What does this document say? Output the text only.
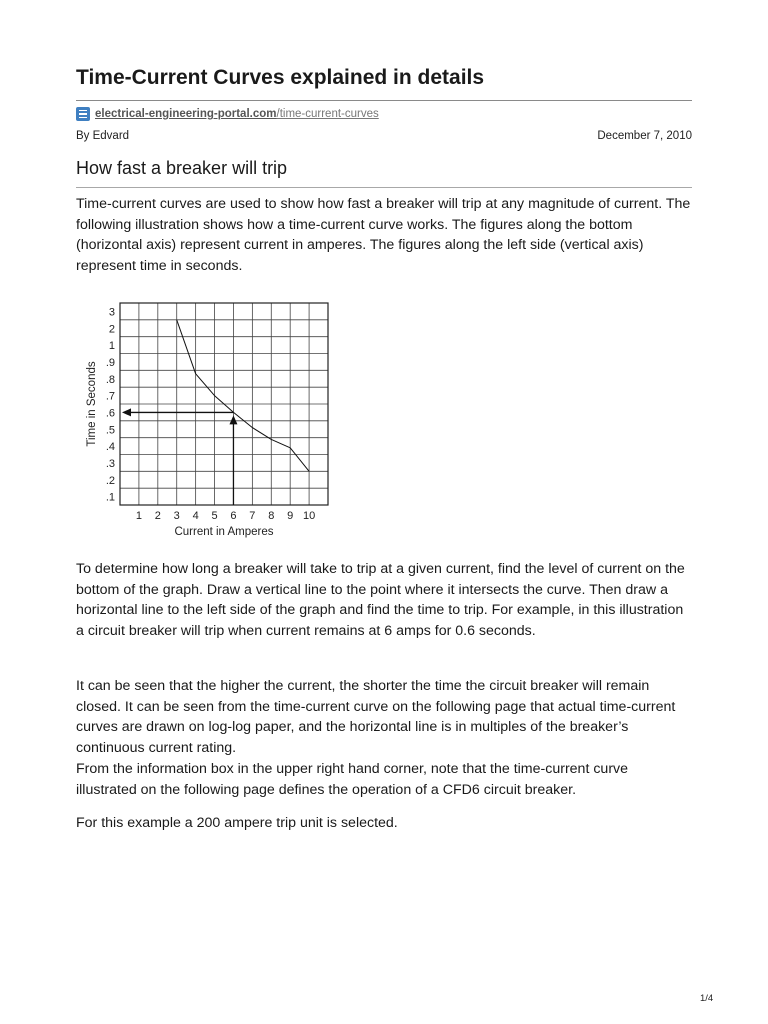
Time-Current Curves explained in details
electrical-engineering-portal.com /time-current-curves
By Edvard	December 7, 2010
How fast a breaker will trip

Time-current curves are used to show how fast a breaker will trip at any magnitude of current. The following illustration shows how a time-current curve works. The figures along the bottom (horizontal axis) represent current in amperes. The figures along the left side (vertical axis) represent time in seconds.

To determine how long a breaker will take to trip at a given current, find the level of current on the bottom of the graph. Draw a vertical line to the point where it intersects the curve. Then draw a horizontal line to the left side of the graph and find the time to trip. For example, in this illustration a circuit breaker will trip when current remains at 6 amps for 0.6 seconds.

It can be seen that the higher the current, the shorter the time the circuit breaker will remain closed. It can be seen from the time-current curve on the following page that actual time-current curves are drawn on log-log paper, and the horizontal line is in multiples of the breaker’s continuous current rating.

From the information box in the upper right hand corner, note that the time-current curve illustrated on the following page defines the operation of a CFD6 circuit breaker.

For this example a 200 ampere trip unit is selected.

1 2 3 4 5 6 7 8 9 10
.1
.2
.3
.4
.5
.6
.7
.8
.9
1
2
3
Current in Amperes
Time in Seconds
1/4
